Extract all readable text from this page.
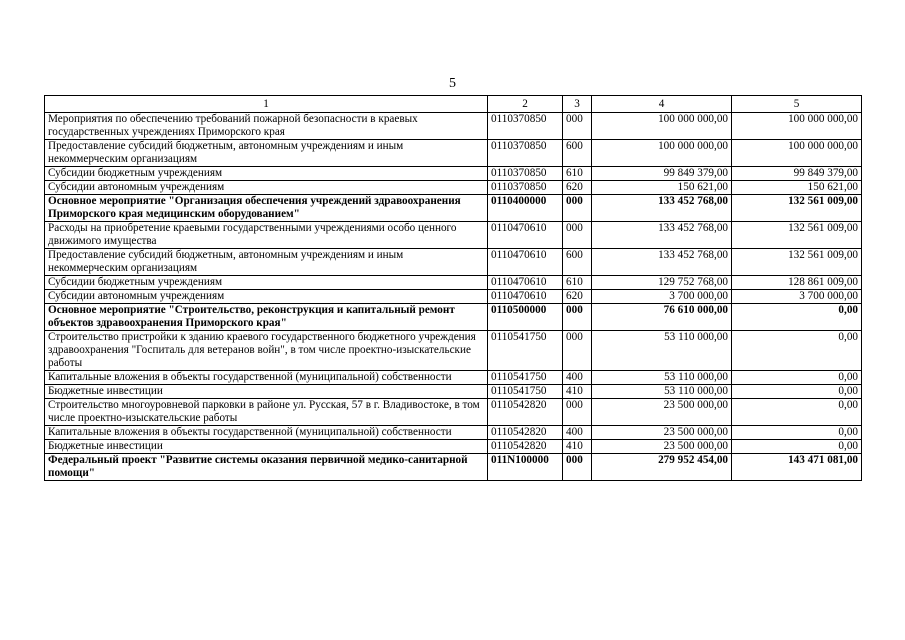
5
1	2	3	4	5
Мероприятия по обеспечению требований пожарной безопасности в краевых государственных учреждениях Приморского края	0110370850	000	100 000 000,00	100 000 000,00
Предоставление субсидий бюджетным, автономным учреждениям и иным некоммерческим организациям	0110370850	600	100 000 000,00	100 000 000,00
Субсидии бюджетным учреждениям	0110370850	610	99 849 379,00	99 849 379,00
Субсидии автономным учреждениям	0110370850	620	150 621,00	150 621,00
Основное мероприятие "Организация обеспечения учреждений здравоохранения Приморского края медицинским оборудованием"	0110400000	000	133 452 768,00	132 561 009,00
Расходы на приобретение краевыми государственными учреждениями особо ценного движимого имущества	0110470610	000	133 452 768,00	132 561 009,00
Предоставление субсидий бюджетным, автономным учреждениям и иным некоммерческим организациям	0110470610	600	133 452 768,00	132 561 009,00
Субсидии бюджетным учреждениям	0110470610	610	129 752 768,00	128 861 009,00
Субсидии автономным учреждениям	0110470610	620	3 700 000,00	3 700 000,00
Основное мероприятие "Строительство, реконструкция и капитальный ремонт объектов здравоохранения Приморского края"	0110500000	000	76 610 000,00	0,00
Строительство пристройки к зданию краевого государственного бюджетного учреждения здравоохранения "Госпиталь для ветеранов войн", в том числе проектно-изыскательские работы	0110541750	000	53 110 000,00	0,00
Капитальные вложения в объекты государственной (муниципальной) собственности	0110541750	400	53 110 000,00	0,00
Бюджетные инвестиции	0110541750	410	53 110 000,00	0,00
Строительство многоуровневой парковки в районе ул. Русская, 57 в г. Владивостоке, в том числе проектно-изыскательские работы	0110542820	000	23 500 000,00	0,00
Капитальные вложения в объекты государственной (муниципальной) собственности	0110542820	400	23 500 000,00	0,00
Бюджетные инвестиции	0110542820	410	23 500 000,00	0,00
Федеральный проект "Развитие системы оказания первичной медико-санитарной помощи"	011N100000	000	279 952 454,00	143 471 081,00
